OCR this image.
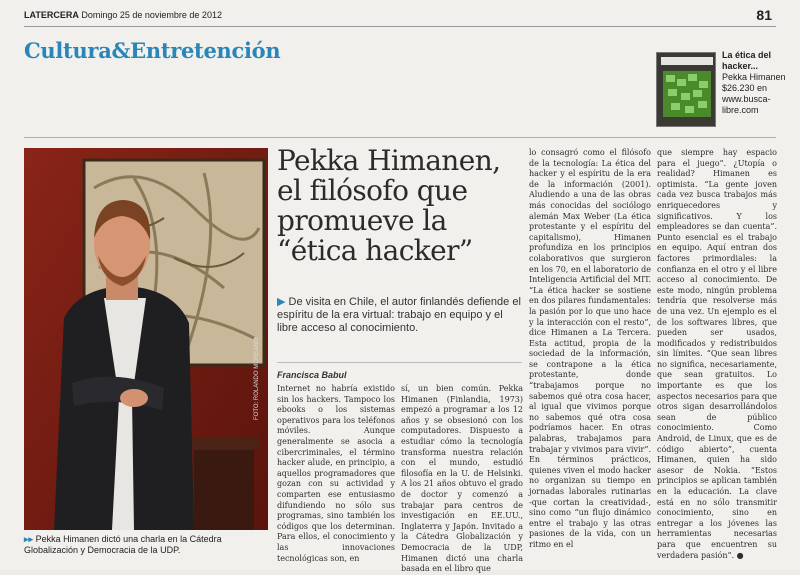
LATERCERA Domingo 25 de noviembre de 2012	81
Cultura&Entretención	La ética del hacker...
Pekka Himanen
$26.230 en www.busca-libre.com
FOTO: ROLANDO MOREANO
▸▸ Pekka Himanen dictó una charla en la Cátedra Globalización y Democracia de la UDP.
Pekka Himanen, el filósofo que promueve la “ética hacker”
▶ De visita en Chile, el autor finlandés defiende el espíritu de la era virtual: trabajo en equipo y el libre acceso al conocimiento.
Francisca Babul

Internet no habría existido sin los hackers. Tampoco los ebooks o los sistemas operativos para los teléfonos móviles. Aunque generalmente se asocia a cibercriminales, el término hacker alude, en principio, a aquellos programadores que gozan con su actividad y comparten ese entusiasmo difundiendo no sólo sus programas, sino también los códigos que los determinan. Para ellos, el conocimiento y las innovaciones tecnológicas son, en

sí, un bien común. Pekka Himanen (Finlandia, 1973) empezó a programar a los 12 años y se obsesionó con los computadores. Dispuesto a estudiar cómo la tecnología transforma nuestra relación con el mundo, estudió filosofía en la U. de Helsinki. A los 21 años obtuvo el grado de doctor y comenzó a trabajar para centros de investigación en EE.UU., Inglaterra y Japón. Invitado a la Cátedra Globalización y Democracia de la UDP, Himanen dictó una charla basada en el libro que

lo consagró como el filósofo de la tecnología: La ética del hacker y el espíritu de la era de la información (2001). Aludiendo a una de las obras más conocidas del sociólogo alemán Max Weber (La ética protestante y el espíritu del capitalismo), Himanen profundiza en los principios colaborativos que surgieron en los 70, en el laboratorio de Inteligencia Artificial del MIT. “La ética hacker se sostiene en dos pilares fundamentales: la pasión por lo que uno hace y la interacción con el resto”, dice Himanen a La Tercera. Esta actitud, propia de la sociedad de la información, se contrapone a la ética protestante, donde “trabajamos porque no sabemos qué otra cosa hacer, al igual que vivimos porque no sabemos qué otra cosa podríamos hacer. En otras palabras, trabajamos para trabajar y vivimos para vivir”. En términos prácticos, quienes viven el modo hacker no organizan su tiempo en jornadas laborales rutinarias -que cortan la creatividad-, sino como “un flujo dinámico entre el trabajo y las otras pasiones de la vida, con un ritmo en el

que siempre hay espacio para el juego”. ¿Utopía o realidad? Himanen es optimista. “La gente joven cada vez busca trabajos más enriquecedores y significativos. Y los empleadores se dan cuenta”. Punto esencial es el trabajo en equipo. Aquí entran dos factores primordiales: la confianza en el otro y el libre acceso al conocimiento. De este modo, ningún problema tendría que resolverse más de una vez. Un ejemplo es el de los softwares libres, que pueden ser usados, modificados y redistribuidos sin límites. “Que sean libres no significa, necesariamente, que sean gratuitos. Lo importante es que los aspectos necesarios para que otros sigan desarrollándolos sean de público conocimiento. Como Android, de Linux, que es de código abierto”, cuenta Himanen, quien ha sido asesor de Nokia. “Estos principios se aplican también en la educación. La clave está en no sólo transmitir conocimiento, sino en entregar a los jóvenes las herramientas necesarias para que encuentren su verdadera pasión”. ●
